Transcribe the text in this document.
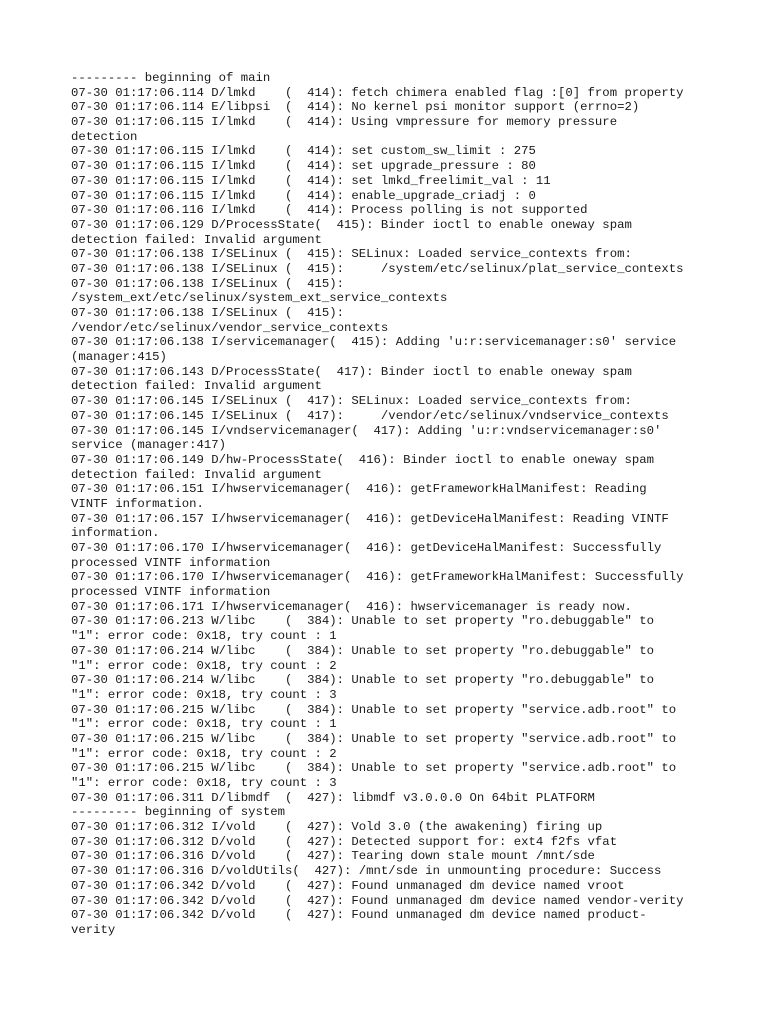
--------- beginning of main
07-30 01:17:06.114 D/lmkd    (  414): fetch chimera enabled flag :[0] from property
07-30 01:17:06.114 E/libpsi  (  414): No kernel psi monitor support (errno=2)
07-30 01:17:06.115 I/lmkd    (  414): Using vmpressure for memory pressure
detection
07-30 01:17:06.115 I/lmkd    (  414): set custom_sw_limit : 275
07-30 01:17:06.115 I/lmkd    (  414): set upgrade_pressure : 80
07-30 01:17:06.115 I/lmkd    (  414): set lmkd_freelimit_val : 11
07-30 01:17:06.115 I/lmkd    (  414): enable_upgrade_criadj : 0
07-30 01:17:06.116 I/lmkd    (  414): Process polling is not supported
07-30 01:17:06.129 D/ProcessState(  415): Binder ioctl to enable oneway spam
detection failed: Invalid argument
07-30 01:17:06.138 I/SELinux (  415): SELinux: Loaded service_contexts from:
07-30 01:17:06.138 I/SELinux (  415):     /system/etc/selinux/plat_service_contexts
07-30 01:17:06.138 I/SELinux (  415):
/system_ext/etc/selinux/system_ext_service_contexts
07-30 01:17:06.138 I/SELinux (  415):
/vendor/etc/selinux/vendor_service_contexts
07-30 01:17:06.138 I/servicemanager(  415): Adding 'u:r:servicemanager:s0' service
(manager:415)
07-30 01:17:06.143 D/ProcessState(  417): Binder ioctl to enable oneway spam
detection failed: Invalid argument
07-30 01:17:06.145 I/SELinux (  417): SELinux: Loaded service_contexts from:
07-30 01:17:06.145 I/SELinux (  417):     /vendor/etc/selinux/vndservice_contexts
07-30 01:17:06.145 I/vndservicemanager(  417): Adding 'u:r:vndservicemanager:s0'
service (manager:417)
07-30 01:17:06.149 D/hw-ProcessState(  416): Binder ioctl to enable oneway spam
detection failed: Invalid argument
07-30 01:17:06.151 I/hwservicemanager(  416): getFrameworkHalManifest: Reading
VINTF information.
07-30 01:17:06.157 I/hwservicemanager(  416): getDeviceHalManifest: Reading VINTF
information.
07-30 01:17:06.170 I/hwservicemanager(  416): getDeviceHalManifest: Successfully
processed VINTF information
07-30 01:17:06.170 I/hwservicemanager(  416): getFrameworkHalManifest: Successfully
processed VINTF information
07-30 01:17:06.171 I/hwservicemanager(  416): hwservicemanager is ready now.
07-30 01:17:06.213 W/libc    (  384): Unable to set property "ro.debuggable" to
"1": error code: 0x18, try count : 1
07-30 01:17:06.214 W/libc    (  384): Unable to set property "ro.debuggable" to
"1": error code: 0x18, try count : 2
07-30 01:17:06.214 W/libc    (  384): Unable to set property "ro.debuggable" to
"1": error code: 0x18, try count : 3
07-30 01:17:06.215 W/libc    (  384): Unable to set property "service.adb.root" to
"1": error code: 0x18, try count : 1
07-30 01:17:06.215 W/libc    (  384): Unable to set property "service.adb.root" to
"1": error code: 0x18, try count : 2
07-30 01:17:06.215 W/libc    (  384): Unable to set property "service.adb.root" to
"1": error code: 0x18, try count : 3
07-30 01:17:06.311 D/libmdf  (  427): libmdf v3.0.0.0 On 64bit PLATFORM
--------- beginning of system
07-30 01:17:06.312 I/vold    (  427): Vold 3.0 (the awakening) firing up
07-30 01:17:06.312 D/vold    (  427): Detected support for: ext4 f2fs vfat
07-30 01:17:06.316 D/vold    (  427): Tearing down stale mount /mnt/sde
07-30 01:17:06.316 D/voldUtils(  427): /mnt/sde in unmounting procedure: Success
07-30 01:17:06.342 D/vold    (  427): Found unmanaged dm device named vroot
07-30 01:17:06.342 D/vold    (  427): Found unmanaged dm device named vendor-verity
07-30 01:17:06.342 D/vold    (  427): Found unmanaged dm device named product-
verity
